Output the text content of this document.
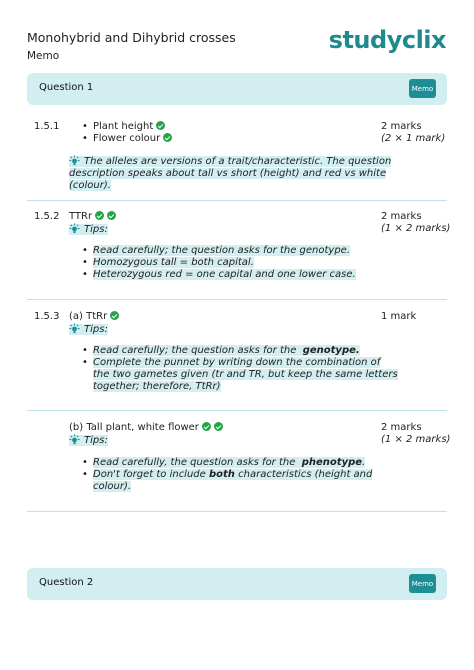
Monohybrid and Dihybrid crosses
Memo
studyclix
Question 1	Memo
1.5.1
•	Plant height
• Flower colour
2 marks
(2 × 1 mark)
The alleles are versions of a trait/characteristic. The question
description speaks about tall vs short (height) and red vs white
(colour).
1.5.2 TTRr	2 marks
(1 × 2 marks)
Tips:
• Read carefully; the question asks for the genotype.
• Homozygous tall = both capital.
• Heterozygous red = one capital and one lower case.
1.5.3 (a) TtRr	1 mark
Tips:
• Read carefully; the question asks for the genotype.
• Complete the punnet by writing down the combination of
the two gametes given (tr and TR, but keep the same letters
together; therefore, TtRr)
(b) Tall plant, white flower	2 marks
(1 × 2 marks)
Tips:
• Read carefully, the question asks for the phenotype.
• Don't forget to include both characteristics (height and
colour).
Question 2	Memo
